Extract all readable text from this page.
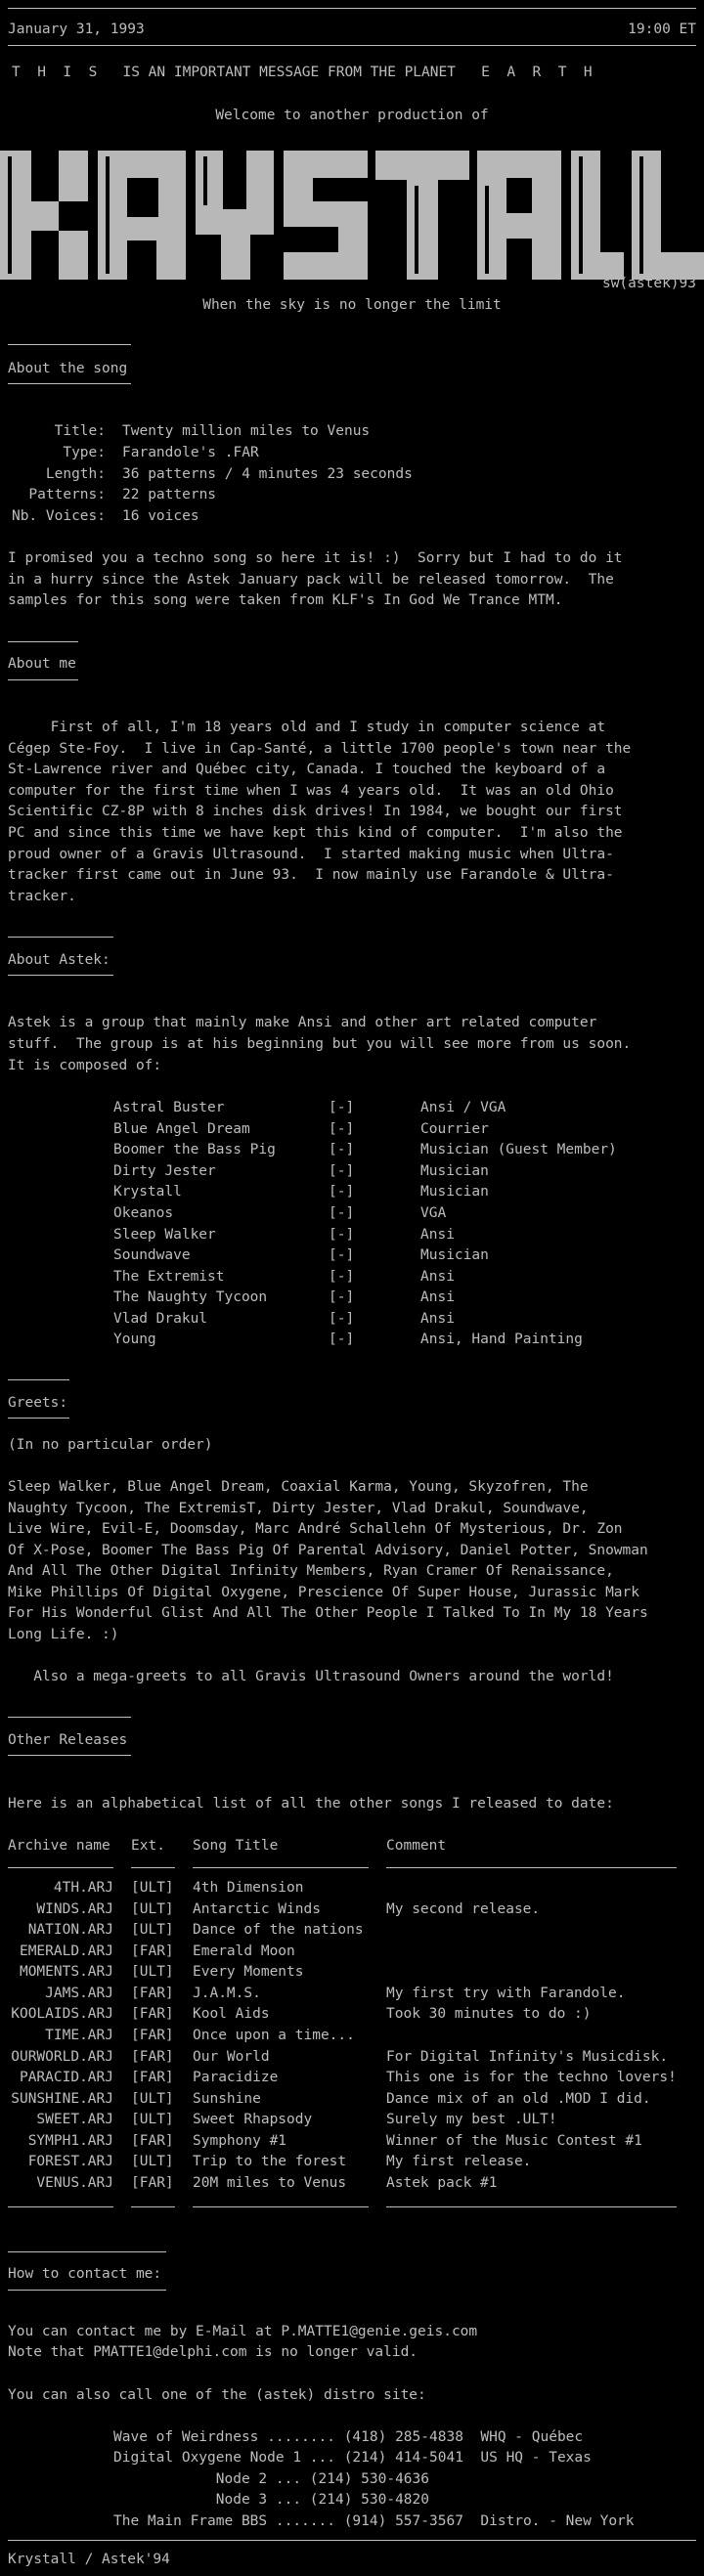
January 31, 1993	19:00 ET
T  H  I  S   IS AN IMPORTANT MESSAGE FROM THE PLANET   E  A  R  T  H
Welcome to another production of
sw(astek)93
When the sky is no longer the limit
About the song
Title: Twenty million miles to Venus
Type: Farandole's .FAR
Length: 36 patterns / 4 minutes 23 seconds
Patterns: 22 patterns
Nb. Voices: 16 voices
I promised you a techno song so here it is! :)  Sorry but I had to do it
in a hurry since the Astek January pack will be released tomorrow.  The
samples for this song were taken from KLF's In God We Trance MTM.
About me
First of all, I'm 18 years old and I study in computer science at
Cégep Ste-Foy.  I live in Cap-Santé, a little 1700 people's town near the
St-Lawrence river and Québec city, Canada. I touched the keyboard of a
computer for the first time when I was 4 years old.  It was an old Ohio
Scientific CZ-8P with 8 inches disk drives! In 1984, we bought our first
PC and since this time we have kept this kind of computer.  I'm also the
proud owner of a Gravis Ultrasound.  I started making music when Ultra-
tracker first came out in June 93.  I now mainly use Farandole & Ultra-
tracker.
About Astek:
Astek is a group that mainly make Ansi and other art related computer
stuff.  The group is at his beginning but you will see more from us soon.
It is composed of:
Astral Buster	[-]	Ansi / VGA
Blue Angel Dream	[-]	Courrier
Boomer the Bass Pig	[-]	Musician (Guest Member)
Dirty Jester	[-]	Musician
Krystall	[-]	Musician
Okeanos	[-]	VGA
Sleep Walker	[-]	Ansi
Soundwave	[-]	Musician
The Extremist	[-]	Ansi
The Naughty Tycoon	[-]	Ansi
Vlad Drakul	[-]	Ansi
Young	[-]	Ansi, Hand Painting
Greets:
(In no particular order)
Sleep Walker, Blue Angel Dream, Coaxial Karma, Young, Skyzofren, The
Naughty Tycoon, The ExtremisT, Dirty Jester, Vlad Drakul, Soundwave,
Live Wire, Evil-E, Doomsday, Marc André Schallehn Of Mysterious, Dr. Zon
Of X-Pose, Boomer The Bass Pig Of Parental Advisory, Daniel Potter, Snowman
And All The Other Digital Infinity Members, Ryan Cramer Of Renaissance,
Mike Phillips Of Digital Oxygene, Prescience Of Super House, Jurassic Mark
For His Wonderful Glist And All The Other People I Talked To In My 18 Years
Long Life. :)
Also a mega-greets to all Gravis Ultrasound Owners around the world!
Other Releases
Here is an alphabetical list of all the other songs I released to date:
Archive name Ext. Song Title	Comment
4TH.ARJ [ULT] 4th Dimension
WINDS.ARJ [ULT] Antarctic Winds	My second release.
NATION.ARJ [ULT] Dance of the nations
EMERALD.ARJ [FAR] Emerald Moon
MOMENTS.ARJ [ULT] Every Moments
JAMS.ARJ [FAR] J.A.M.S.	My first try with Farandole.
KOOLAIDS.ARJ [FAR] Kool Aids	Took 30 minutes to do :)
TIME.ARJ [FAR] Once upon a time...
OURWORLD.ARJ [FAR] Our World	For Digital Infinity's Musicdisk.
PARACID.ARJ [FAR] Paracidize	This one is for the techno lovers!
SUNSHINE.ARJ [ULT] Sunshine	Dance mix of an old .MOD I did.
SWEET.ARJ [ULT] Sweet Rhapsody	Surely my best .ULT!
SYMPH1.ARJ [FAR] Symphony #1	Winner of the Music Contest #1
FOREST.ARJ [ULT] Trip to the forest	My first release.
VENUS.ARJ [FAR] 20M miles to Venus	Astek pack #1
How to contact me:
You can contact me by E-Mail at P.MATTE1@genie.geis.com
Note that PMATTE1@delphi.com is no longer valid.
You can also call one of the (astek) distro site:
Wave of Weirdness ........ (418) 285-4838  WHQ - Québec
Digital Oxygene Node 1 ... (214) 414-5041  US HQ - Texas
Node 2 ... (214) 530-4636
Node 3 ... (214) 530-4820
The Main Frame BBS ....... (914) 557-3567  Distro. - New York
Krystall / Astek'94
